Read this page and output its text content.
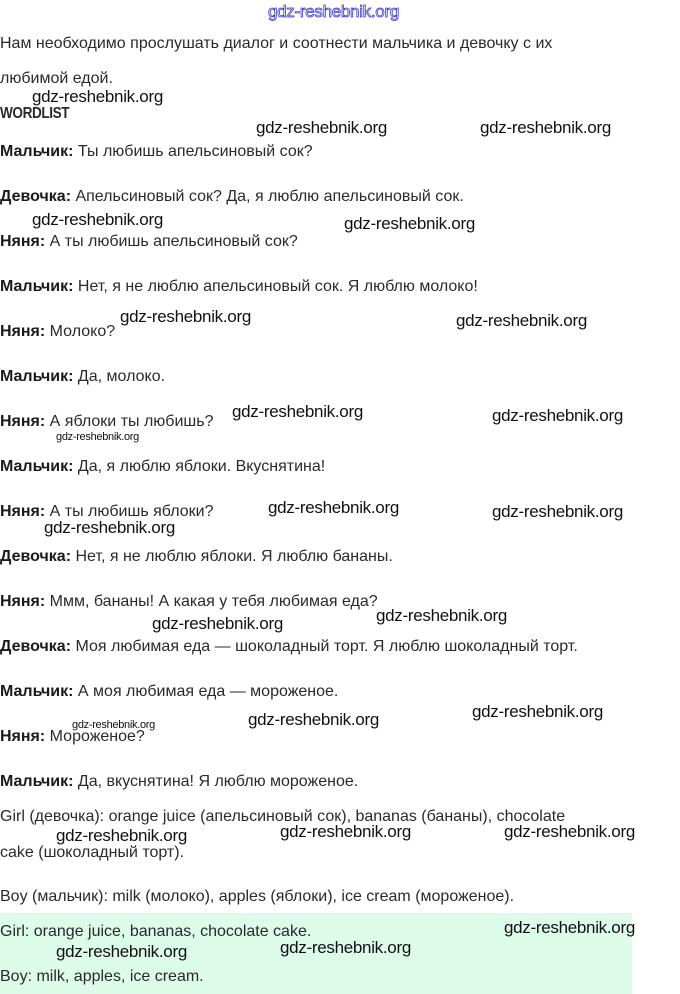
Нам необходимо прослушать диалог и соотнести мальчика и девочку с их
любимой едой.
WORDLIST
Мальчик: Ты любишь апельсиновый сок?
Девочка: Апельсиновый сок? Да, я люблю апельсиновый сок.
Няня: А ты любишь апельсиновый сок?
Мальчик: Нет, я не люблю апельсиновый сок. Я люблю молоко!
Няня: Молоко?
Мальчик: Да, молоко.
Няня: А яблоки ты любишь?
Мальчик: Да, я люблю яблоки. Вкуснятина!
Няня: А ты любишь яблоки?
Девочка: Нет, я не люблю яблоки. Я люблю бананы.
Няня: Ммм, бананы! А какая у тебя любимая еда?
Девочка: Моя любимая еда — шоколадный торт. Я люблю шоколадный торт.
Мальчик: А моя любимая еда — мороженое.
Няня: Мороженое?
Мальчик: Да, вкуснятина! Я люблю мороженое.
Girl (девочка): orange juice (апельсиновый сок), bananas (бананы), chocolate
cake (шоколадный торт).
Boy (мальчик): milk (молоко), apples (яблоки), ice cream (мороженое).
Girl: orange juice, bananas, chocolate cake.
Boy: milk, apples, ice cream.
gdz-reshebnik.org
gdz-reshebnik.org
gdz-reshebnik.org	gdz-reshebnik.org
gdz-reshebnik.org	gdz-reshebnik.org
gdz-reshebnik.org	gdz-reshebnik.org
gdz-reshebnik.org	gdz-reshebnik.org
gdz-reshebnik.org
gdz-reshebnik.org	gdz-reshebnik.org
gdz-reshebnik.org
gdz-reshebnik.org
gdz-reshebnik.org
gdz-reshebnik.org	gdz-reshebnik.org	gdz-reshebnik.org
gdz-reshebnik.org	gdz-reshebnik.org	gdz-reshebnik.org
gdz-reshebnik.org
gdz-reshebnik.org	gdz-reshebnik.org
